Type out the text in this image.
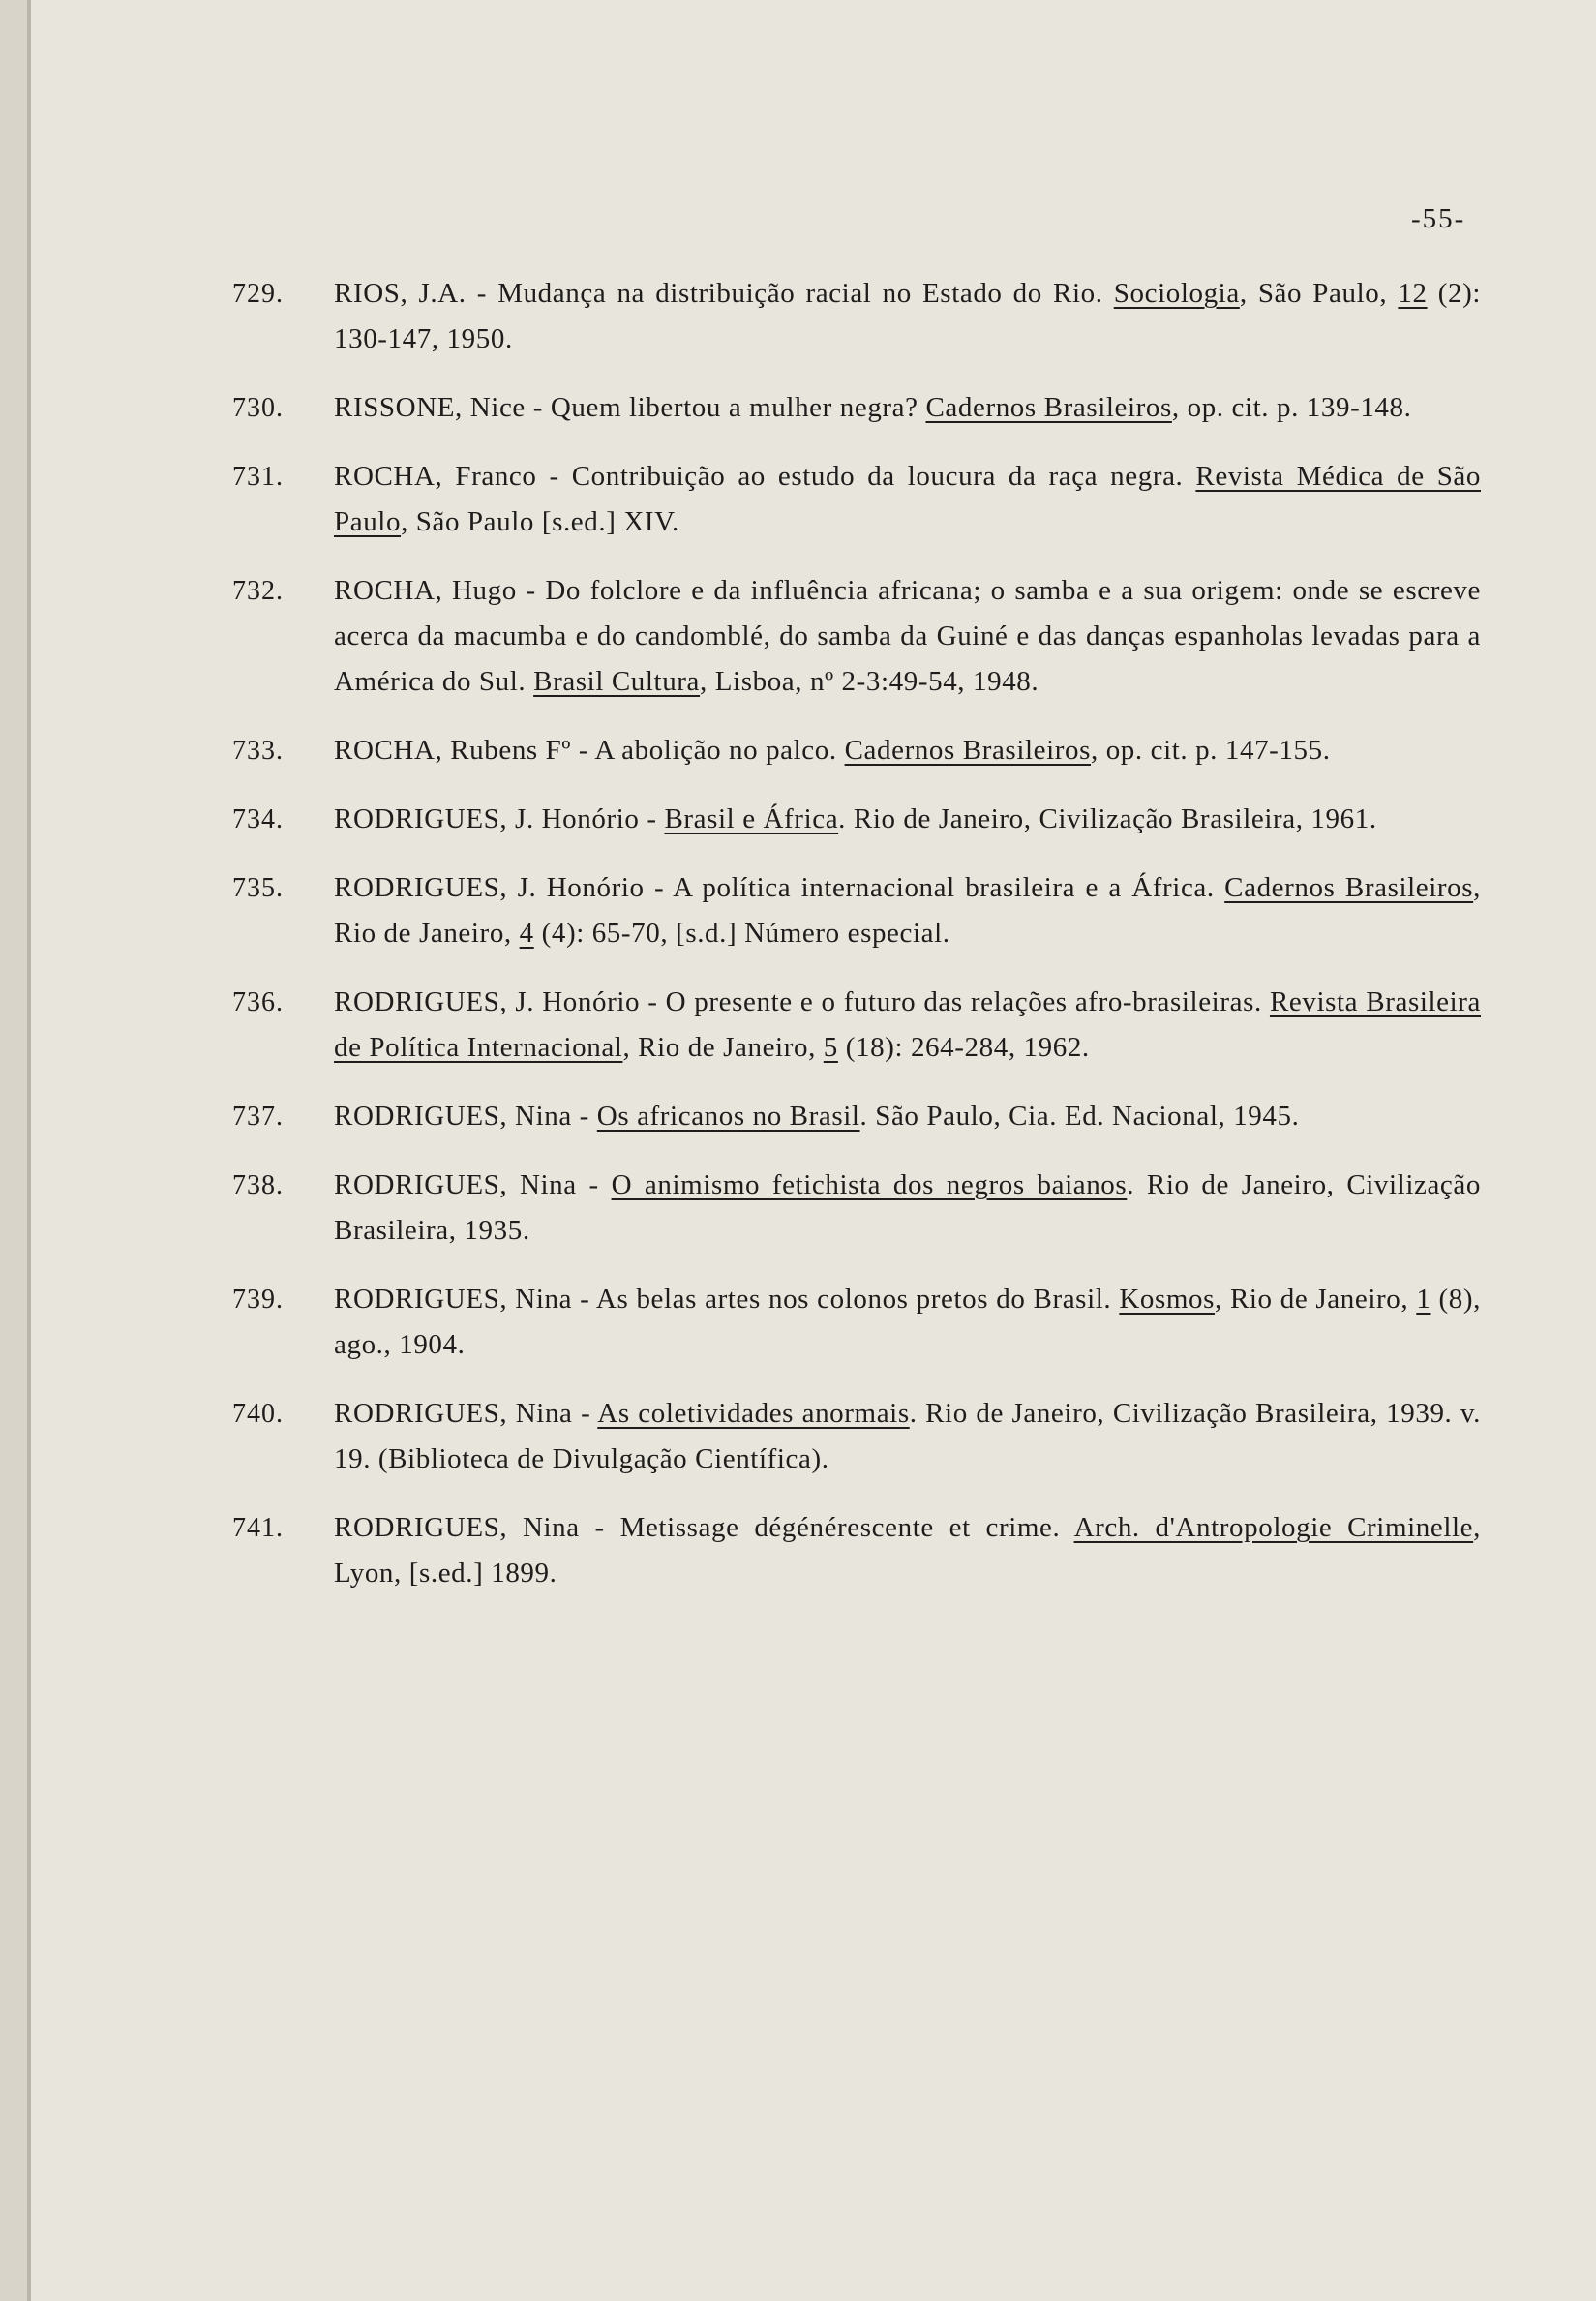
-55-
729.	RIOS, J.A. - Mudança na distribuição racial no Estado do Rio. Sociologia, São Paulo, 12 (2): 130-147, 1950.

730.	RISSONE, Nice - Quem libertou a mulher negra? Cadernos Brasileiros, op. cit. p. 139-148.

731.	ROCHA, Franco - Contribuição ao estudo da loucura da raça negra. Revista Médica de São Paulo, São Paulo [s.ed.] XIV.

732.	ROCHA, Hugo - Do folclore e da influência africana; o samba e a sua origem: onde se escreve acerca da macumba e do candomblé, do samba da Guiné e das danças espanholas levadas para a América do Sul. Brasil Cultura, Lisboa, nº 2-3:49-54, 1948.

733.	ROCHA, Rubens Fº - A abolição no palco. Cadernos Brasileiros, op. cit. p. 147-155.

734.	RODRIGUES, J. Honório - Brasil e África. Rio de Janeiro, Civilização Brasileira, 1961.

735.	RODRIGUES, J. Honório - A política internacional brasileira e a África. Cadernos Brasileiros, Rio de Janeiro, 4 (4): 65-70, [s.d.] Número especial.

736.	RODRIGUES, J. Honório - O presente e o futuro das relações afro-brasileiras. Revista Brasileira de Política Internacional, Rio de Janeiro, 5 (18): 264-284, 1962.

737.	RODRIGUES, Nina - Os africanos no Brasil. São Paulo, Cia. Ed. Nacional, 1945.

738.	RODRIGUES, Nina - O animismo fetichista dos negros baianos. Rio de Janeiro, Civilização Brasileira, 1935.

739.	RODRIGUES, Nina - As belas artes nos colonos pretos do Brasil. Kosmos, Rio de Janeiro, 1 (8), ago., 1904.

740.	RODRIGUES, Nina - As coletividades anormais. Rio de Janeiro, Civilização Brasileira, 1939. v. 19. (Biblioteca de Divulgação Científica).

741.	RODRIGUES, Nina - Metissage dégénérescente et crime. Arch. d'Antropologie Criminelle, Lyon, [s.ed.] 1899.
